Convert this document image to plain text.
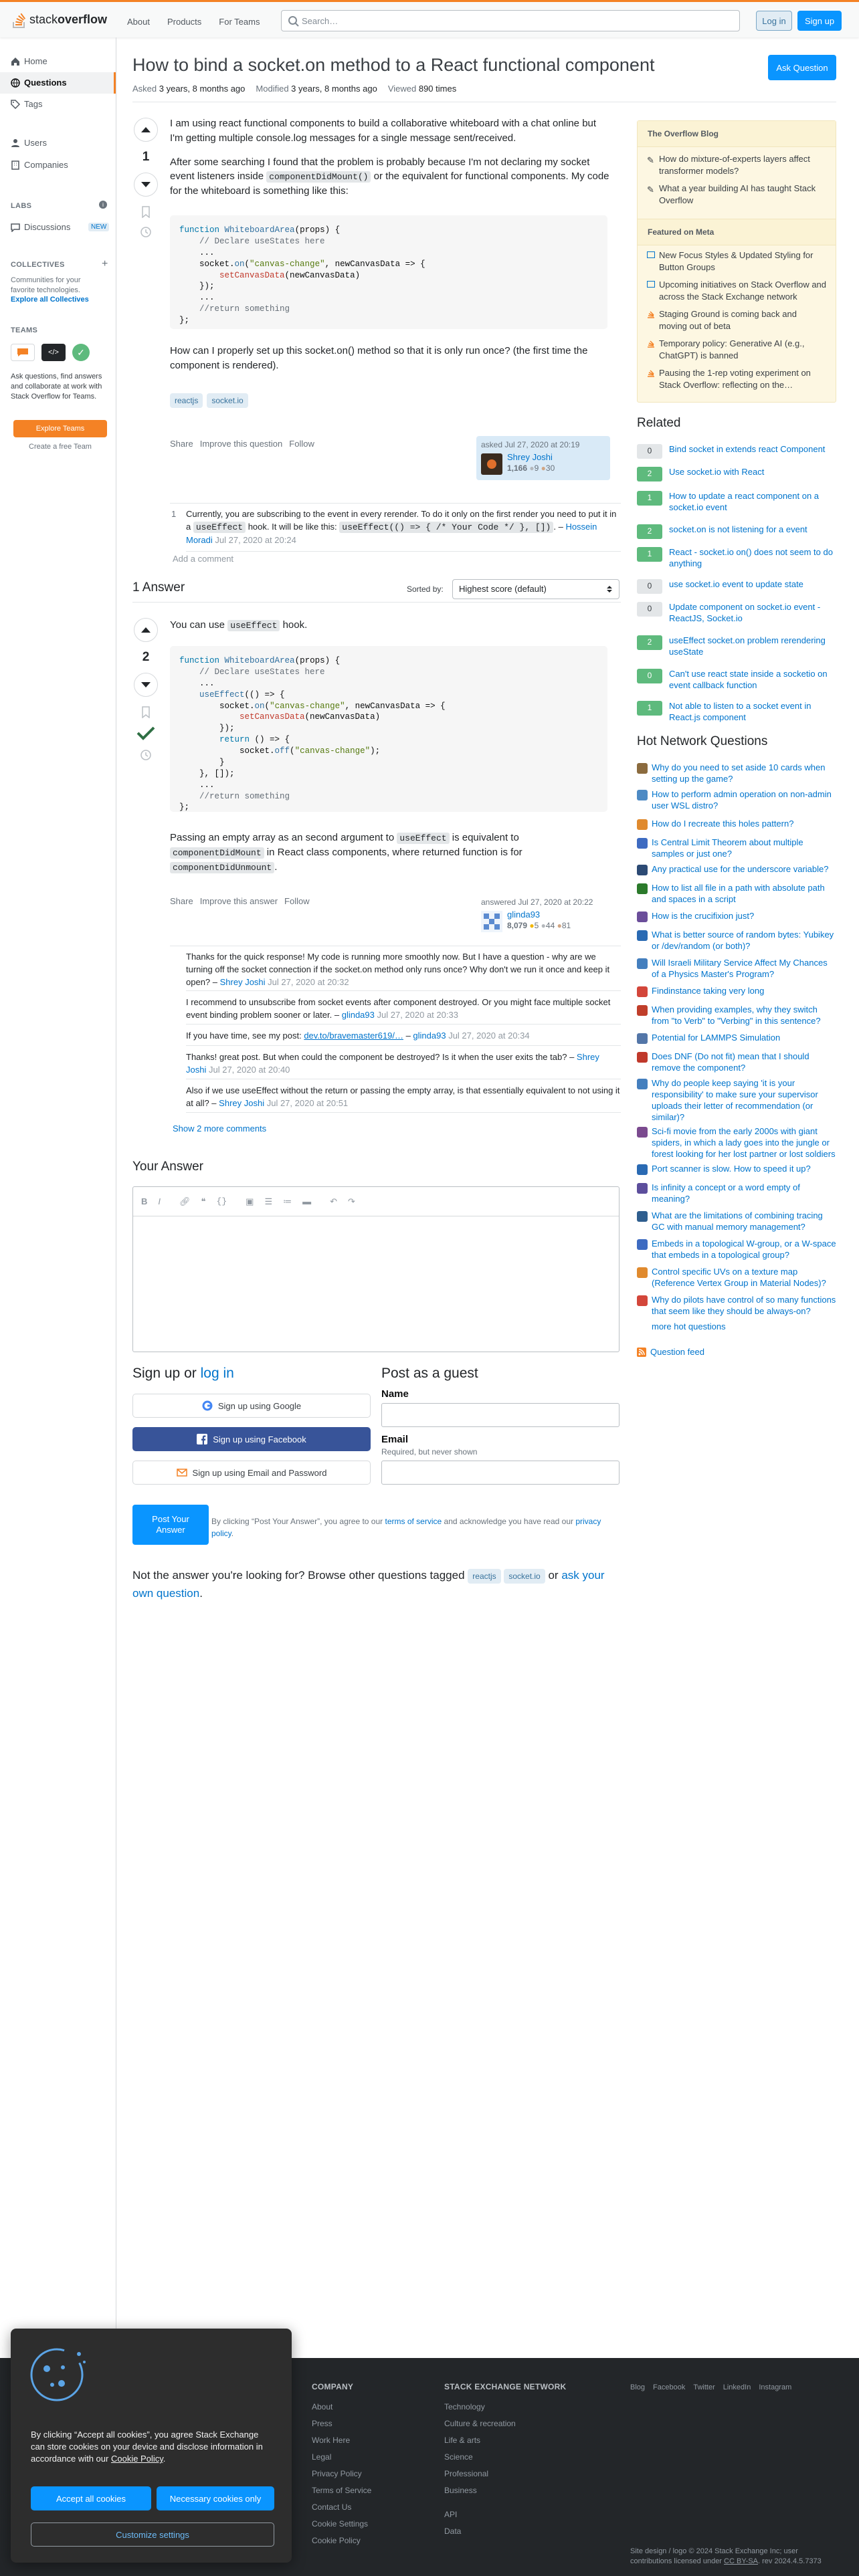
stack overflow	About	Products	For Teams	Search…	Log in	Sign up
Home
Questions
Tags
Users
Companies
LABS	i
Discussions	NEW
COLLECTIVES	+
Communities for your favorite technologies.
Explore all Collectives
TEAMS
</>	✓
Ask questions, find answers and collaborate at work with Stack Overflow for Teams.
Explore Teams
Create a free Team
How to bind a socket.on method to a React functional component	Ask Question
Asked 3 years, 8 months ago Modified 3 years, 8 months ago Viewed 890 times
1

I am using react functional components to build a collaborative whiteboard with a chat online but I'm getting multiple console.log messages for a single message sent/received.

After some searching I found that the problem is probably because I'm not declaring my socket event listeners inside componentDidMount() or the equivalent for functional components. My code for the whiteboard is something like this:

function WhiteboardArea(props) {
// Declare useStates here
...
socket.on("canvas-change", newCanvasData => {
setCanvasData(newCanvasData)
});
...
//return something
};
How can I properly set up this socket.on() method so that it is only run once? (the first time the component is rendered).
reactjs	socket.io
Share Improve this question Follow	asked Jul 27, 2020 at 20:19
Shrey Joshi
1,166 ●9 ●30
1 Currently, you are subscribing to the event in every rerender. To do it only on the first render you need to put it in a useEffect hook. It will be like this: useEffect(() => { /* Your Code */ }, []) . – Hossein Moradi Jul 27, 2020 at 20:24
Add a comment
1 Answer	Sorted by:	Highest score (default)
2
You can use useEffect hook.
function WhiteboardArea(props) {
// Declare useStates here
...
useEffect(() => {
socket.on("canvas-change", newCanvasData => {
setCanvasData(newCanvasData)
});
return () => {
socket.off("canvas-change");
}
}, []);
...
//return something
};
Passing an empty array as an second argument to useEffect is equivalent to componentDidMount in React class components, where returned function is for componentDidUnmount .
Share Improve this answer Follow	answered Jul 27, 2020 at 20:22
glinda93
8,079 ●5 ●44 ●81
Thanks for the quick response! My code is running more smoothly now. But I have a question - why are we turning off the socket connection if the socket.on method only runs once? Why don't we run it once and keep it open? – Shrey Joshi Jul 27, 2020 at 20:32
I recommend to unsubscribe from socket events after component destroyed. Or you might face multiple socket event binding problem sooner or later. – glinda93 Jul 27, 2020 at 20:33
If you have time, see my post: dev.to/bravemaster619/… – glinda93 Jul 27, 2020 at 20:34
Thanks! great post. But when could the component be destroyed? Is it when the user exits the tab? – Shrey Joshi Jul 27, 2020 at 20:40
Also if we use useEffect without the return or passing the empty array, is that essentially equivalent to not using it at all? – Shrey Joshi Jul 27, 2020 at 20:51
Show 2 more comments
Your Answer
B I 🔗︎ ❝ {} ▣ ☰ ≔ ▬ ↶ ↷
Sign up or log in
Sign up using Google
Sign up using Facebook
Sign up using Email and Password
Post as a guest
Name
Email
Required, but never shown
Post Your Answer
By clicking “Post Your Answer”, you agree to our terms of service and acknowledge you have read our privacy policy.
Not the answer you're looking for? Browse other questions tagged reactjs socket.io or ask your own question.
The Overflow Blog
✎ How do mixture-of-experts layers affect transformer models?
✎ What a year building AI has taught Stack Overflow
Featured on Meta
New Focus Styles & Updated Styling for Button Groups
Upcoming initiatives on Stack Overflow and across the Stack Exchange network
Staging Ground is coming back and moving out of beta
Temporary policy: Generative AI (e.g., ChatGPT) is banned
Pausing the 1-rep voting experiment on Stack Overflow: reflecting on the…
Related
0	Bind socket in extends react Component
2	Use socket.io with React
1	How to update a react component on a socket.io event
2	socket.on is not listening for a event
1	React - socket.io on() does not seem to do anything
0	use socket.io event to update state
0	Update component on socket.io event - ReactJS, Socket.io
2	useEffect socket.on problem rerendering useState
0	Can't use react state inside a socketio on event callback function
1	Not able to listen to a socket event in React.js component
Hot Network Questions
Why do you need to set aside 10 cards when setting up the game?
How to perform admin operation on non-admin user WSL distro?
How do I recreate this holes pattern?
Is Central Limit Theorem about multiple samples or just one?
Any practical use for the underscore variable?
How to list all file in a path with absolute path and spaces in a script
How is the crucifixion just?
What is better source of random bytes: Yubikey or /dev/random (or both)?
Will Israeli Military Service Affect My Chances of a Physics Master's Program?
Findinstance taking very long
When providing examples, why they switch from "to Verb" to "Verbing" in this sentence?
Potential for LAMMPS Simulation
Does DNF (Do not fit) mean that I should remove the component?
Why do people keep saying 'it is your responsibility' to make sure your supervisor uploads their letter of recommendation (or similar)?
Sci-fi movie from the early 2000s with giant spiders, in which a lady goes into the jungle or forest looking for her lost partner or lost soldiers
Port scanner is slow. How to speed it up?
Is infinity a concept or a word empty of meaning?
What are the limitations of combining tracing GC with manual memory management?
Embeds in a topological W-group, or a W-space that embeds in a topological group?
Control specific UVs on a texture map (Reference Vertex Group in Material Nodes)?
Why do pilots have control of so many functions that seem like they should be always-on?
more hot questions
Question feed
COMPANY
About
Press
Work Here
Legal
Privacy Policy
Terms of Service
Contact Us
Cookie Settings
Cookie Policy
STACK EXCHANGE NETWORK
Technology
Culture & recreation
Life & arts
Science
Professional
Business
API
Data
Blog Facebook Twitter LinkedIn Instagram
Site design / logo © 2024 Stack Exchange Inc; user contributions licensed under CC BY-SA. rev 2024.4.5.7373
By clicking “Accept all cookies”, you agree Stack Exchange can store cookies on your device and disclose information in accordance with our Cookie Policy.
Accept all cookies	Necessary cookies only
Customize settings
